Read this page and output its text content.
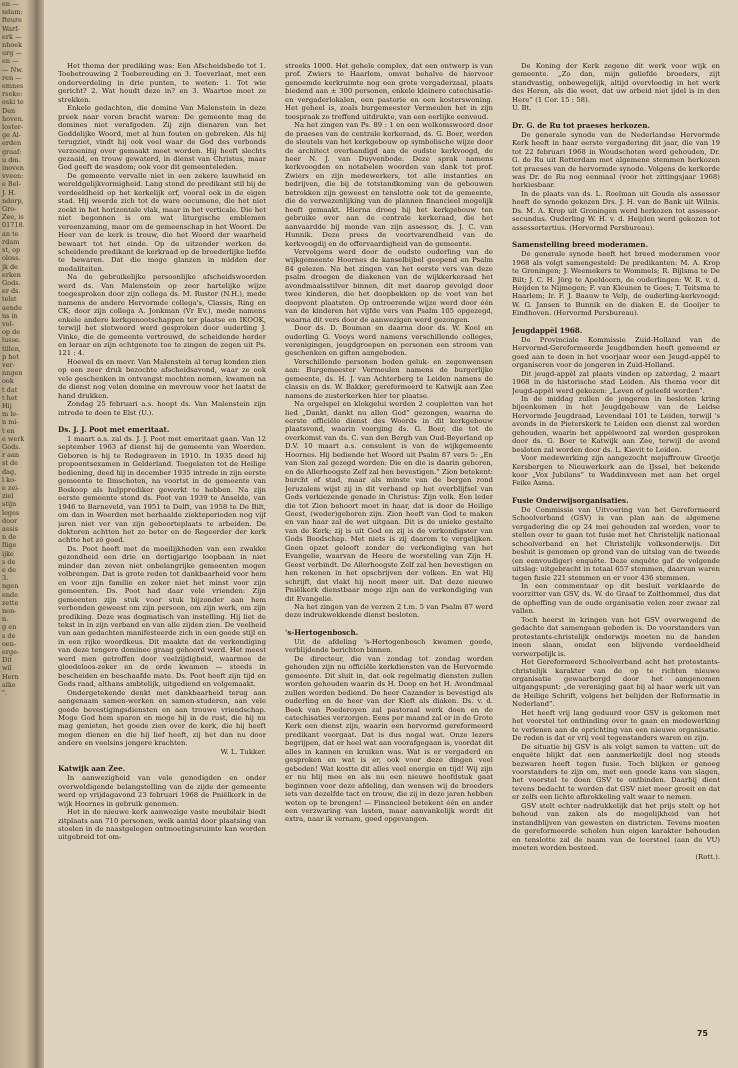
en —
ndam:
fteure
Warf-
erk —
nhoek
urg —
en —
— Nw.
ren —
emnes
rseke:
eski te
Den
hoven.
loster-
ge Al-
erden
graaf:
u dm.
inoven
vveen:
e Bel-
J. H.
ndorp,
Gro-
Zee, is
01718.
an te
rdam
st, op
oloss.
jk de
erken
Gods.
er ds.
telst
aende
ns in
vol-
op de
lusse.
tillen,
p het
ver-
nngen
ook
t dat
t het
Hij
m le-
n mi-
t en
e werk
Gods.
r aan
st de
dag,
l ko-
e zei-
ziel
stijn
leges
door
assis
n de
flige
ijke
s de
e de
3.
ngen
ende
zette
non-
n.
g en
s de
oen-
erge-
Dit
wil
Hern
alke
".

Het thema der prediking was: Een Afscheidsbede tot 1. Toebetrouwing 2 Toebereuding en 3. Toeverlaat, met een onderverdeling in drie punten, te weten: 1. Tot wie gericht? 2. Wat houdt deze in? en 3. Waartoe moet ze strekken.

Enkele gedachten, die domine Van Malenstein in deze preek naar voren bracht waren: De gemeente mag de domines niet verafgoden. Zij zijn dienaren van het Goddelijke Woord, met al hun fouten en gebreken. Als hij terugziet, vindt hij ook veel waar de God des verbonds verzoening over gemaakt moet worden. Hij heeft slechts gezaaid, en trouw gewaterd, in dienst van Christus, maar God geeft de wasdom; ook voor dit gemeenteleden.

De gemeente vervalle niet in een zekere lauwheid en wereldgelijkvormigheid. Lang stond de predikant stil bij de verdeeldheid op het kerkelijk erf, vooral ook in de eigen stad. Hij weerde zich tot de ware oecumene, die het niet zoekt in het horizontale vlak, maar in het verticale. Die het niet begonnen is om wat liturgische emblemen vereenzaming, maar om de gemeenschap in het Woord. De Heer van de kerk is trouw, die het Woord der waarheid bewaart tot het einde. Op de uitzonder werken de scheidende predikant de kerkraad op de broederlijke liefde te bewaren. Dat die moge glanzen in midden der modaliteiten.

Na de gebruikelijke persoonlijke afscheidswoorden werd ds. Van Malenstein op zeer hartelijke wijze toegesproken door zijn collega ds. M. Ruster (N.H.), mede namens de andere Hervormde collega's, Classis, Ring en CK; door zijn collega A. Jonkman (Vr Ev.), mede namens enkele andere kerkgenootschappen ter plaatse en IKOOK, terwijl het slotwoord werd gesproken door ouderling J. Vinke, die de gemeente vertrouwd, de scheidende herder en leraar en zijn echtgenote toe te zingen de zegen uit Ps. 121 : 4.

Hoewel ds en mevr. Van Malenstein al terug konden zien op een zeer druk bezochte afscheidsavond, waar ze ook vele geschenken in ontvangst mochten nemen, kwamen na de dienst nog velen domine en mevrouw voor het laatst de hand drukken.

Zondag 25 februari a.s. hoopt ds. Van Malenstein zijn intrede te doen te Elst (U.).

Ds. J. J. Poot met emeritaat.

1 maart a.s. zal ds. J. J. Poot met emeritaat gaan. Van 12 september 1963 af dienst hij de gemeente van Woerden. Geboren is hij te Rodegraven in 1910. In 1935 deed hij propoentsexamen in Gelderland. Toegelaten tot de Heilige bediening, deed hij in december 1935 intrede in zijn eerste gemeente te Ilmschoten, na voortst in de gemeente van Boskoop als hulpprediker gewerkt te hebben. Na zijn eerste gemeente stond ds. Poot van 1939 te Anselde, van 1946 te Barneveld, van 1951 te Delft, van 1958 te De Bilt, om dan in Woerden met herhaalde ziekteperioden nog vijf jaren niet ver van zijn geboorteplaats te arbeiden. De doktoren achtten het zo beter en de Regeerder der kerk achtte het zó goed.

Ds. Poot heeft met de moeilijkheden van een zwakke gezondheid een drie en dertigjarige loopbaan in niet minder dan zeven niet onbelangrijke gemeenten mogen volbrengen. Dat is grote reden tot dankbaarheid voor hem en voor zijn familie en zeker niet het minst voor zijn gemeenten. Ds. Poot had daar vele vrienden: Zijn gemeenten zijn stuk voor stuk bijzonder aan hem verbonden geweest om zijn persoon, om zijn werk, om zijn prediking. Deze was dogmatisch van instelling. Hij liet de tekst in in zijn verband en van alle zijden zien. De veelheid van aan gedachten manifesteerde zich in een goede stijl en in een rijke woordkeus. Dit maakte dat de verkondiging van deze tengere dominee graag gehoord werd. Het meest werd men getroffen door veelzijdigheid, waarmee de gloedeloos-zeker en de orde kwamen — steeds in bescheiden en beschaafde mate. Ds. Poot heeft zijn tijd en Gods raad, althans ambtelijk, uitgediend en volgemaakt.

Ondergetekende denkt met dankbaarheid terug aan aangenaam samen-werken en samen-studeren, aan vele goede bevestigingsdiensten en aan trouwe vriendschap. Moge God hem sparen en moge hij in de rust, die hij nu mag genieten, het goede zien over de kerk, die hij heeft mogen dienen en die hij lief heeft, zij het dan nu door andere en veelsins jongere krachten.

W. L. Tukker.

Katwijk aan Zee.

In aanwezigheid van vele genodigden en onder overweldigende belangstelling van de zijde der gemeente werd op vrijdagavond 23 februari 1968 de Pniëlkerk in de wijk Hoornes in gebruik genomen.

Het in de nieuwe kerk aanwezige vaste meubilair biedt zitplaats aan 710 personen, welk aantal door plaatsing van stoelen in de naastgelegen ontmoetingsruimte kan worden uitgebreid tot om-

streeks 1000. Het gehele complex, dat een ontwerp is van prof. Zwiers te Haarlem, omvat behalve de hiervoor genoemde kerkruimte nog een grote vergaderzaal, plaats biedend aan ± 300 personen, enkele kleinere catechisatie- en vergaderlokalen, een pastorie en een kosterswoning. Het geheel is, zoals burgemeester Vermeulen het in zijn toespraak zo treffend uitdrukte, van een eerlijke eenvoud.

Na het zingen van Ps. 89 : 1 en een welkomswoord door de praeses van de centrale kerkeraad, ds. G. Boer, werden de sleutels van het kerkgebouw op symbolische wijze door de architect overhandigd aan de oudste kerkvoogd, de heer N. J. van Duyvenbode. Deze sprak namens kerkvoogden en notabelen woorden van dank tot prof. Zwiers en zijn medewerkers, tot alle instanties en bedrijven, die bij de totstandkoming van de gebouwen betrokken zijn geweest en tenslotte ook tot de gemeente, die de verwezenlijking van de plannen financieel mogelijk heeft gemaakt. Hierna droeg hij het kerkgebouw ten gebruike over aan de centrale kerkeraad, die het aanvaardde bij monde van zijn assessor, ds. J. C. van Hunnik. Deze prees de voortvarendheid van de kerkvoogdij en de offervaardigheid van de gemeente.

Vervolgens werd door de oudste ouderling van de wijkgemeente Hoornes de kanselbijbel geopend en Psalm 84 gelezen. Na het zingen van het eerste vers van deze psalm droegen de diakenen van de wijkkerkeraad het avondmaalsstilver binnen, dit met daarop gevolgd door twee kinderen, die het doopbekken op de voet van het doopvont plaatsten. Op ontroerende wijze werd door één van de kinderen het vijfde vers van Psalm 105 opgezegd, waarna dit vers door de aanwezigen werd gezongen.

Door ds. D. Bouman en daarna door ds. W. Kool en ouderling G. Vooys werd namens verschillende colleges, verenigingen, jeugdgroepen en personen een stroom van geschenken en giften aangeboden.

Verschillende personen boden geluk- en zegenwensen aan: Burgemeester Vermeulen namens de burgerlijke gemeente, ds. H. J. van Achterberg te Leiden namens de classis en ds. W. Bakker, gereformeerd te Katwijk aan Zee namens de zusterkerken hier ter plaatse.

Na orgelspel en klokgelui werden 2 coupletten van het lied „Dankt, dankt nu allen God” gezongen, waarna de eerste officiële dienst des Woords in dit kerkgebouw plaatsvond, waarin voorging ds. G. Boer, die tot de overkomst van ds. C. van den Bergh van Oud-Beyerland op D.V. 10 maart a.s. consulent is van de wijkgemeente Hoornes. Hij bediende het Woord uit Psalm 87 vers 5: „En van Sion zal gezegd worden: Die en die is daarin geboren, en de Allerhoogste Zelf zal hen bevestigen.” Zion betekent: burcht of stad, maar als minste van de bergen rond Jeruzalem wijst zij in dit verband op het overblijfsel van Gods verkiezende genade in Christus: Zijn volk. Een leder die tot Zion behoort moet in haar, dat is door de Heilige Geest, (weder)geboren zijn. Zion heeft van God te maken en van haar zal de wet uitgaan. Dit is de unieke gestalte van de Kerk; zij is uit God en zij is de verkondigster van Gods Boodschap. Met niets is zij daarom te vergelijken. Geen opzet gelooft zonder de verkondiging van het Evangelie, waarvan de Heere de worsteling van Zijn H. Geest verbindt. De Allerhoogste Zelf zal hen bevestigen en hen rekenen in het opschrijven der volken. En wat Hij schrijft, dat vlakt hij nooit meer uit. Dat deze nieuwe Pniëlkerk dienstbaar moge zijn aan de verkondiging van dit Evangelie.

Na het zingen van de verzen 2 t.m. 5 van Psalm 87 werd deze indrukwekkende dienst besloten.

's-Hertogenbosch.

Uit de afdeling 's-Hertogenbosch kwamen goede, verblijdende berichten binnen.

De directeur, die van zondag tot zondag worden gehouden zijn nu officiële kerkdiensten van de Hervormde gemeente. Dit sluit in, dat ook regelmatig diensten zullen worden gehouden waarin ds H. Doop en het H. Avondmaal zullen worden bediend. De heer Cazander is bevestigd als ouderling en de heer van der Kieft als diaken. Ds. v. d. Beek van Poederoyen zal pastoraal werk doen en de catechisaties verzorgen. Eens per maand zal er in de Grote Kerk een dienst zijn, waarin een hervormd gereformeerd predikant voorgaat. Dat is dus nogal wat. Onze lezers begrijpen, dat er heel wat aan voorafgegaan is, voordat dit alles in kannen en kruiken was. Wat is er vergaderd en gesproken en wat is er, ook voor deze dingen veel gebeden! Wat kostte dit alles veel energie en tijd! Wij zijn er nu blij mee en als nu een nieuwe hoofdstuk gaat beginnen voor deze afdeling, dan wensen wij de broeders iets van dezelfde tact en trouw, die zij in deze jaren hebben weten op te brengen! — Financieel betekent één en ander een verzwaring van lasten, maar aanvankelijk wordt dit extra, naar ik vernam, goed opgevangen.

De Koning der Kerk zegene dit werk voor wijk en gemeente. „Zo dan, mijn geliefde broeders, zijt standvastig, onbewegelijk, altijd overvloedig in het werk des Heren, als die weet, dat uw arbeid niet ijdel is in den Here” (1 Cor. 15 : 58).

U. Bt.

Dr. G. de Ru tot praeses herkozen.

De generale synode van de Nederlandse Hervormde Kerk heeft in haar eerste vergadering dit jaar, die van 19 tot 22 februari 1968 in Woudschoten werd gehouden, Dr. G. de Ru uit Rotterdam met algemene stemmen herkozen tot praeses van de hervormde synode. Volgens de kerkorde was Dr. de Ru nog eenmaal (voor het zittingsjaar 1968) herkiesbaar.

In de plaats van ds. L. Roelman uit Gouda als assessor heeft de synode gekozen Drs. J. H. van de Bank uit Wilnis. Ds. M. A. Krop uit Groningen werd herkozen tot assessor-secundus. Ouderling W. H. v. d. Heijden werd gekozen tot assessortertius. (Hervormd Persbureau).

Samenstelling breed moderamen.

De generale synode heeft het breed moderamen voor 1968 als volgt samengesteld: De predikanten: M. A. Krop te Groningen; J. Weemekers te Wommels; R. Bijlsma te De Bilt; J. C. H. Jörg te Apeldoorn, de ouderlingen: W. R. v. d. Heijden te Nijmegen; F. van Kleunen te Goes; T. Teitsma te Haarlem; Ir. F. J. Baauw te Velp, de ouderling-kerkvoogd: W. G. Jansen te Bunnik en de diaken E. de Gooijer te Eindhoven. (Hervormd Persbureau).

Jeugdappèl 1968.

De Provinciale Kommissie Zuid-Holland van de Hervormd-Gereformeerde Jeugdbonden heeft gemeend er goed aan te doen in het voorjaar weer een Jeugd-appèl te organiseren voor de jongeren in Zuid-Holland.

Dit jeugd-appèl zal plaats vinden op zaterdag, 2 maart 1968 in de historische stad Leiden. Als thema voor dit Jeugd-appèl werd gekozen: „Leven of geleefd worden”.

In de middag zullen de jongeren in besloten kring bijeenkomen in het Jeugdgebouw van de Leidse Hervormde Jeugdraad, Levendaal 101 te Leiden, terwijl 's avonds in de Pieterskerk te Leiden een dienst zal worden gehouden, waarin het appèlwoord zal worden gesproken door ds. G. Boer te Katwijk aan Zee, terwijl de avond besloten zal worden door ds. L. Kievit te Leiden.

Voor medewerking zijn aangezocht mejuffrouw Greetje Kersbergen te Nieuwerkerk aan de IJssel, het bekende koor „Vox Jubilans” te Waddinxveen met aan het orgel Feike Asma.

Fusie Onderwijsorganisaties.

De Commissie van Uitvoering van het Gereformeerd Schoolverband (GSV) is van plan aan de algemene vergadering die op 24 mei gehouden zal worden, voor te stellen over te gaan tot fusie met het Christelijk nationaal schoolverband en het Christelijk volksonderwijs. Dit besluit is genomen op grond van de uitslag van de tweede (en eenvoudiger) enquête. Deze enquête gaf de volgende uitslag: uitgebracht in totaal 657 stemmen, daarvan waren tegen fusie 221 stemmen en er voor 436 stemmen.

In een commentaar op dit besluit verklaarde de voorzitter van GSV, ds. W. de Graaf te Zaltbommel, dus dat de opheffing van de oude organisatie velen zeer zwaar zal vallen.

Toch heerst in kringen van het GSV overwegend de gedachte dat samengaan geboden is. De voorstanders van protestants-christelijk onderwijs moeten nu de handen ineen slaan, omdat een blijvende verdeeldheid verwerpelijk is.

Het Gereformeerd Schoolverband acht het protestants-christelijk karakter van de op te richten nieuwe organisatie gewaarborgd door het aangenomen uitgangspunt: „de vereniging gaat bij al haar werk uit van de Heilige Schrift, volgens het belijden der Reformatie in Nederland”.

Het heeft vrij lang geduurd voor GSV is gekomen met het voorstel tot ontbinding over te gaan en medewerking te verlenen aan de oprichting van een nieuwe organisatie. De reden is dat er vrij veel tegenstanders waren en zijn.

De situatie bij GSV is als volgt samen te vatten: uit de enquête blijkt dat een aanmerkelijk deel nog steeds bezwaren heeft tegen fusie. Toch blijken er genoeg voorstanders te zijn om, met een goede kans van slagen, het voorstel te doen GSV te ontbinden. Daarbij dient tevens bedacht te worden dat GSV niet meer groeit en dat er zelfs een lichte afbrokkeling valt waar te nemen.

GSV stelt echter nadrukkelijk dat het prijs stelt op het behoud van zaken als de mogelijkheid van het instandblijven van gewesten en districten. Tevens moeten de gereformeerde scholen hun eigen karakter behouden en tenslotte zal de naam van de leerstoel (aan de VU) moeten worden besteed.

(Rott.).

75
